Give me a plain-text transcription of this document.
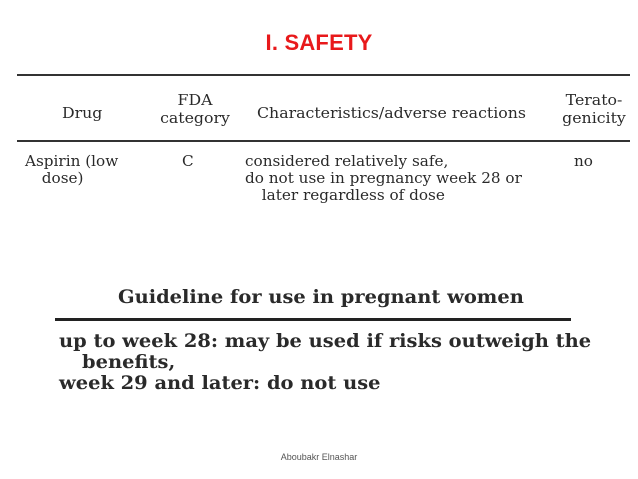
I. SAFETY
Drug
FDA
category	Characteristics/adverse reactions
Terato-
genicity
Aspirin (low
dose)
C	considered relatively safe,
do not use in pregnancy week 28 or
later regardless of dose
no
Guideline for use in pregnant women
up to week 28: may be used if risks outweigh the
benefits,
week 29 and later: do not use
Aboubakr Elnashar
